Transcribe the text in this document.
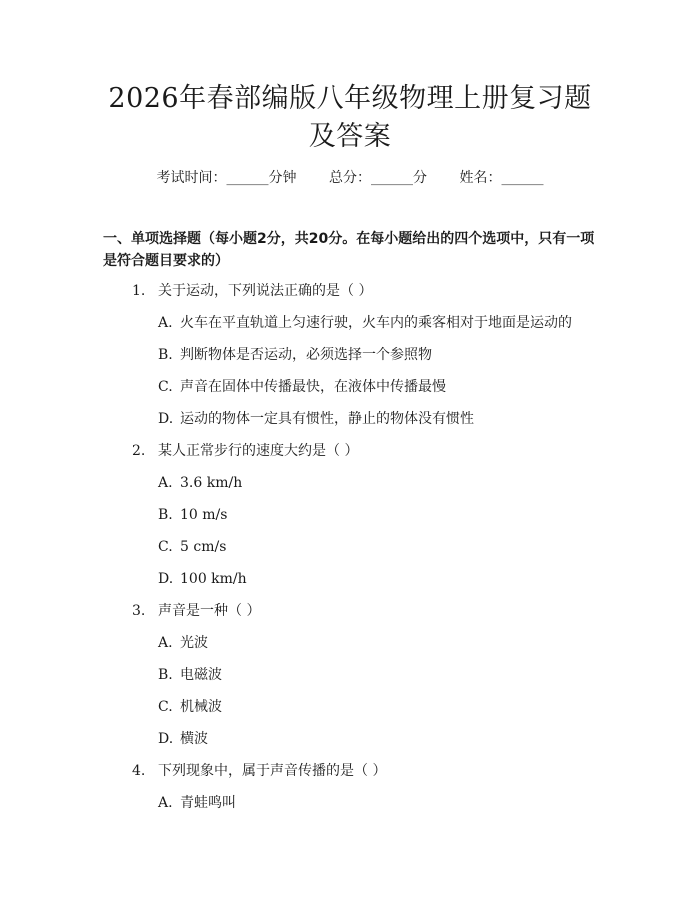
2026年春部编版八年级物理上册复习题及答案
考试时间：______分钟 总分：______分 姓名：______
一、单项选择题（每小题2分，共20分。在每小题给出的四个选项中，只有一项是符合题目要求的）
1. 关于运动，下列说法正确的是（ ）
A. 火车在平直轨道上匀速行驶，火车内的乘客相对于地面是运动的
B. 判断物体是否运动，必须选择一个参照物
C. 声音在固体中传播最快，在液体中传播最慢
D. 运动的物体一定具有惯性，静止的物体没有惯性
2. 某人正常步行的速度大约是（ ）
A. 3.6 km/h
B. 10 m/s
C. 5 cm/s
D. 100 km/h
3. 声音是一种（ ）
A. 光波
B. 电磁波
C. 机械波
D. 横波
4. 下列现象中，属于声音传播的是（ ）
A. 青蛙鸣叫
